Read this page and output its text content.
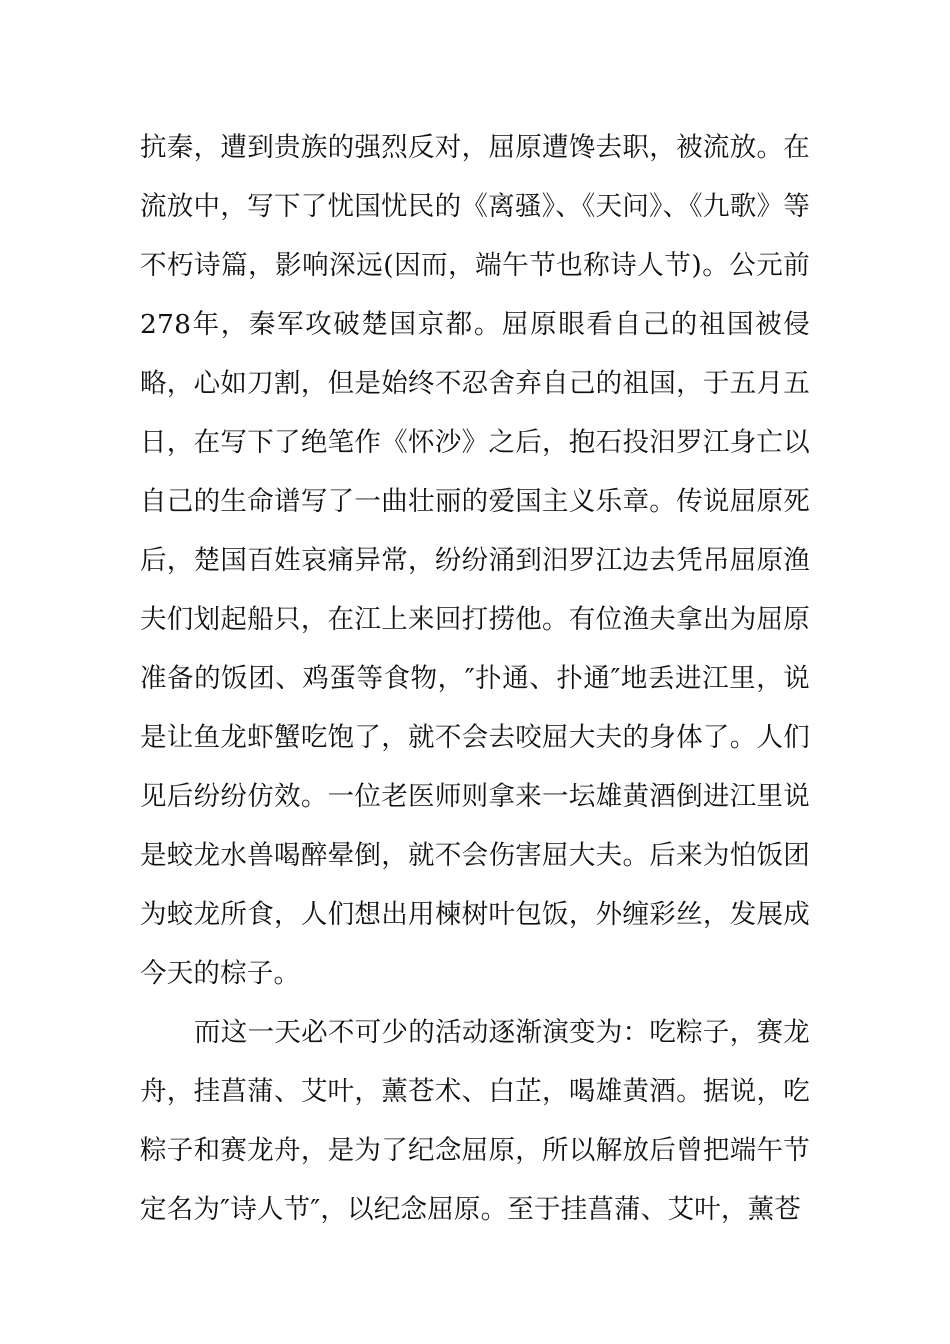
抗秦，遭到贵族的强烈反对，屈原遭馋去职，被流放。在流放中，写下了忧国忧民的《离骚》、《天问》、《九歌》等不朽诗篇，影响深远(因而，端午节也称诗人节)。公元前278年，秦军攻破楚国京都。屈原眼看自己的祖国被侵略，心如刀割，但是始终不忍舍弃自己的祖国，于五月五日，在写下了绝笔作《怀沙》之后，抱石投汨罗江身亡以自己的生命谱写了一曲壮丽的爱国主义乐章。传说屈原死后，楚国百姓哀痛异常，纷纷涌到汨罗江边去凭吊屈原渔夫们划起船只，在江上来回打捞他。有位渔夫拿出为屈原准备的饭团、鸡蛋等食物，″扑通、扑通″地丢进江里，说是让鱼龙虾蟹吃饱了，就不会去咬屈大夫的身体了。人们见后纷纷仿效。一位老医师则拿来一坛雄黄酒倒进江里说是蛟龙水兽喝醉晕倒，就不会伤害屈大夫。后来为怕饭团为蛟龙所食，人们想出用楝树叶包饭，外缠彩丝，发展成今天的棕子。

而这一天必不可少的活动逐渐演变为：吃粽子，赛龙舟，挂菖蒲、艾叶，薰苍术、白芷，喝雄黄酒。据说，吃粽子和赛龙舟，是为了纪念屈原，所以解放后曾把端午节定名为″诗人节″，以纪念屈原。至于挂菖蒲、艾叶，薰苍
